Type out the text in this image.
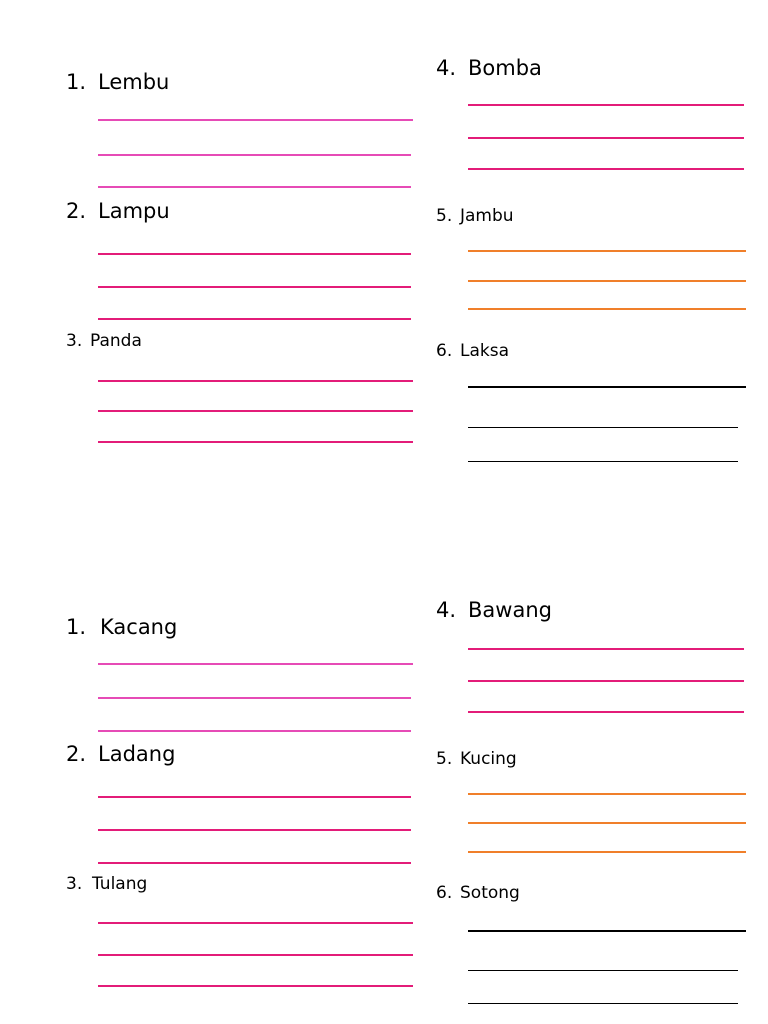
1. Lembu
2. Lampu
3. Panda
4. Bomba
5. Jambu
6. Laksa
1. Kacang
2. Ladang
3. Tulang
4. Bawang
5. Kucing
6. Sotong
